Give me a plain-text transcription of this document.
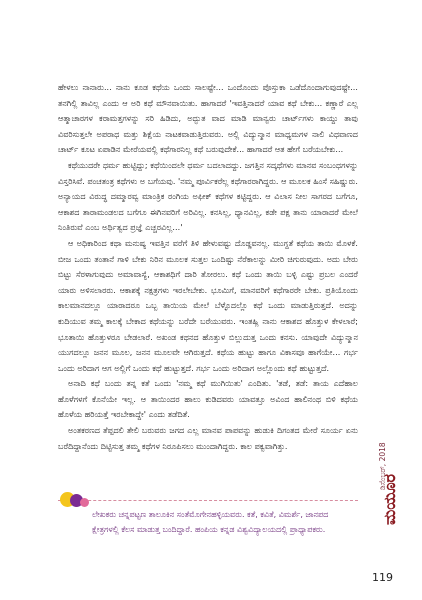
ಹೇಳಲು ನಾನಾರು... ನಾನು ಕೂಡ ಕಥೆಯ ಒಂದು ಸಾಲಷ್ಟೇ... ಒಂದೊಂದು ಪೊಸ್ತುಕಾ ಒಡೆದೊಂದಾಗುವುದಷ್ಟೇ... ತನಗಿಲ್ಲಿ ತಾವಿಲ್ಲ ಎಂದು ಆ ಅರಿ ಕಥೆ ಮೌನವಾಯಿತು. ಹಾಗಾದರೆ 'ಇವತ್ತಿನಾದರೆ ಯಾವ ಕಥೆ ಬೇಕು... ಕಣ್ಣಾರೆ ಎಲ್ಲ ಆತ್ಮಾಚಾರಗಳ ಕರಾಮತ್ತಗಳನ್ನು ಸರಿ ಹಿಡಿದು, ಅದ್ಭುತ ವಾದ ಮಾಡಿ ಮಾನ್ವರು ಚಾರ್ಟ್‌ಗಳು ಕಾಯ್ದು ತಾವು ವಿವರಿಸುತ್ತಲೇ ಅಪರಾಧ ಮತ್ತು ಶಿಕ್ಷೆಯ ನಾಟಕವಾಡುತ್ತಿರುವರು. ಅಲ್ಲಿ ವಿದ್ಯುನ್ಮಾನ ಮಾಧ್ಯಮಗಳ ನಾಲಿ ವಿಧವಾಣದ ಚಾರ್ಟ್ ಕೂಟ ಏಪಾಡಿನ ಮೇರೆಯವಲ್ಲಿ ಕಥೆಗಾರನಿಲ್ಲ ಕಥೆ ಬರುವುದೇಕೆ... ಹಾಗಾದರೆ ಆತ ಹೇಗೆ ಬರೆಯಬೇಕು...

ಕಥೆಯುದರೇ ಧರ್ಮ ಹುಟ್ಟಿದ್ದು; ಕಥೆಯಿಂದಲೇ ಧರ್ಮ ಬದಲಾದದ್ದು. ಜಗತ್ತಿನ ಸದ್ಕಥೆಗಳು ಮಾನವ ಸಂಬಂಧಗಳನ್ನು ವಿಸ್ತರಿಸಿವೆ. ಪಂಚತಂತ್ರ ಕಥೆಗಳು ಅ ಬಗೆಯವು. 'ನಮ್ಮ ಪೂರ್ವಿಕರೆಲ್ಲ ಕಥೆಗಾರರಾಗಿದ್ದರು. ಆ ಮೂಲಕ ಹಿಂಸೆ ಸಹಿಷ್ಣುರು. ಅನ್ಯಾಯದ ವಿರುದ್ಧ ದಮ್ಮಾರವ್ವ ಮಾಂತ್ರಿಕ ರಂಗಿಯ ಅಫೀಕ್ ಕಥೆಗಳ ಕಟ್ಟಿದ್ದರು. ಆ ವಿಲಾಸ ನೀಲ ಸಾಗರದ ಬಗೆಗೂ, ಆಕಾಶದ ತಾರಾಮಂಡಲದ ಬಗೆಗೂ ಈಗಿನವರಿಗೆ ಅರಿವಿಲ್ಲ. ಕನಸಿಲ್ಲ, ಧ್ಯಾನವಿಲ್ಲ, ಕಡೇ ಪಕ್ಷ ತಾನು ಯಾರಾದರೆ ಮೇಲೆ ನಿಂತಿರುವೆ ಎಂಬ ಅರ್ಥಿತ್ವದ ಪ್ರಜ್ಞೆ ಎಚ್ಚರವಿಲ್ಲ...'

ಆ ಅಧಿಕಾರಿಂದ ಕಥಾ ಮನುಷ್ಯ ಇವತ್ತಿನ ವರೆಗೆ ತಿಳಿ ಹೇಳುವಷ್ಟು ದೊಡ್ಡವನಲ್ಲ. ಮುಗ್ದತೆ ಕಥೆಯ ತಾಯಿ ಮೊಳಕೆ. ಬೀಜ ಒಂದು ತಂತಾನೆ ಗಾಳಿ ಬೇಕು ನಿರಿನ ಮೂಲಕ ಸುತ್ತಲ ಒಂದಿಷ್ಟು ನೆರೆಕಾಲನ್ನು ಮೀರಿ ಚಿಗುರುವುದು. ಅದು ಬೇರು ಬಿಟ್ಟು ಸೆರಳಾಗುವುದು ಅಮಾವಾಸ್ಯೆ, ಆಕಾಶಧಿಗೆ ದಾರಿ ತೋರಲು. ಕಥೆ ಒಂದು ತಾಯಿ ಬಳ್ಳಿ ಎಷ್ಟು ಪ್ರಬಲ ಎಂದರೆ ಯಾರು ಅಳಿಸಲಾರರು. ಆಕಾಶಕ್ಕೆ ನಕ್ಷತ್ರಗಳು ಇರಲೇಬೇಕು. ಭೂಮಿಗೆ, ಮಾನವರಿಗೆ ಕಥೆಗಾರರೇ ಬೇಕು. ಪ್ರತಿಯೊಂದು ಕಾಲಮಾನದಲ್ಲೂ ಯಾರಾದರೂ ಒಬ್ಬ ತಾಯಿಯ ಮೇಲೆ ಬೆಳ್ಳೊದಲ್ಲೊ ಕಥೆ ಒಂದು ಮಾಡುತ್ತಿರುತ್ತದೆ. ಅದನ್ನು ಕುದಿಯುವ ತಮ್ಮ ಕಾಲಕ್ಕೆ ಬೇಕಾದ ಕಥೆಯನ್ನು ಬರೆದೇ ಬರೆಯುವರು. ಇಂತಹ್ಲಿ ನಾನು ಆಕಾಶದ ಹೊತ್ತುಳ ಕೇಳಲಾರೆ; ಭೂತಾಯಿ ಹೊತ್ತುಳರೂ ಬೇಡಲಾರೆ. ಅಖಂಡ ಕಥನದ ಹೊತ್ತುಳ ಬಿಲ್ಲುದುತ್ತ ಒಂದು ಕನಸು. ಯಾವುದೇ ವಿದ್ಯುನ್ಮಾನ ಯುಗದಲ್ಲೂ ಜನನ ಮೂಲ, ಜನನ ಮೂಲವೇ ಆಗಿರುತ್ತದೆ. ಕಥೆಯ ಹುಟ್ಟು ಹಾಗೂ ವಿಕಾಸವೂ ಹಾಗೆಯೇ... ಗರ್ಭ ಒಂದು ಅರಿದಾಗ ಆಗ ಅಲ್ಲಿಗೆ ಒಂದು ಕಥೆ ಹುಟ್ಟುತ್ತದೆ. ಗರ್ಭ ಒಂದು ಅರಿದಾಗ ಅಲ್ಲೊಂದು ಕಥೆ ಹುಟ್ಟುತ್ತದೆ.

ಅನಾದಿ ಕಥೆ ಬಂದು ತನ್ನ ಕತೆ ಒಂದು 'ನಮ್ಮ ಕಥೆ ಮುಗಿಯಿತು' ಎಂದಿತು. 'ತಡೆ, ತಡೆ: ತಾಯ ಎದೆಹಾಲ ಹೊಳೆಗಳಗೆ ಕೊನೆಯೇ ಇಲ್ಲ. ಆ ತಾಯಿಂದರ ಹಾಲು ಕುಡಿದವರು ಯಾವತ್ತೂ ಅವಿಂದ ಹಾಲಿನಂಥ ಬಿಳಿ ಕಥೆಯ ಹೊಳೆಯ ಹರಿಯತ್ತೆ ಇರಬೇಕಾದ್ದೇ' ಎಂದು ತಡೆದಿತೆ.

ಅಂತಕರಣದ ತೆಪ್ಪದಲಿ ತೇಲಿ ಬರುವರು ಜಗದ ಎಲ್ಲ ಮಾನವ ಪಾಪವನ್ನು ಹುಡುಕಿ ದಿಗಂತದ ಮೇರೆ ಸೂರ್ಯ ಏನು ಬರೆದಿದ್ದಾನೆಂದು ದಿಟ್ಟಿಸುತ್ತ ತಮ್ಮ ಕಥೆಗಳ ನಿರೂಪಿಸಲು ಮುಂದಾಗಿದ್ದರು. ಕಾಲ ಪಕ್ವವಾಗಿತ್ತು.

ಲೇಖಕರು ಚನ್ನಪಟ್ಟಣ ತಾಲೂಕಿನ ಸಂತೆಮೊಗೇನಹಳ್ಳಿಯವರು. ಕತೆ, ಕವಿತೆ, ವಿಮರ್ಶೆ, ಜಾನಪದ ಕ್ಷೇತ್ರಗಳಲ್ಲಿ ಕೆಲಸ ಮಾಡುತ್ತ ಬಂದಿದ್ದಾರೆ. ಹಂಪಿಯ ಕನ್ನಡ ವಿಶ್ವವಿದ್ಯಾಲಯದಲ್ಲಿ ಪ್ರಾಧ್ಯಾಪಕರು.

ಡಿಸೆಂಬರ್, 2018
ಮಯೂರ
119
